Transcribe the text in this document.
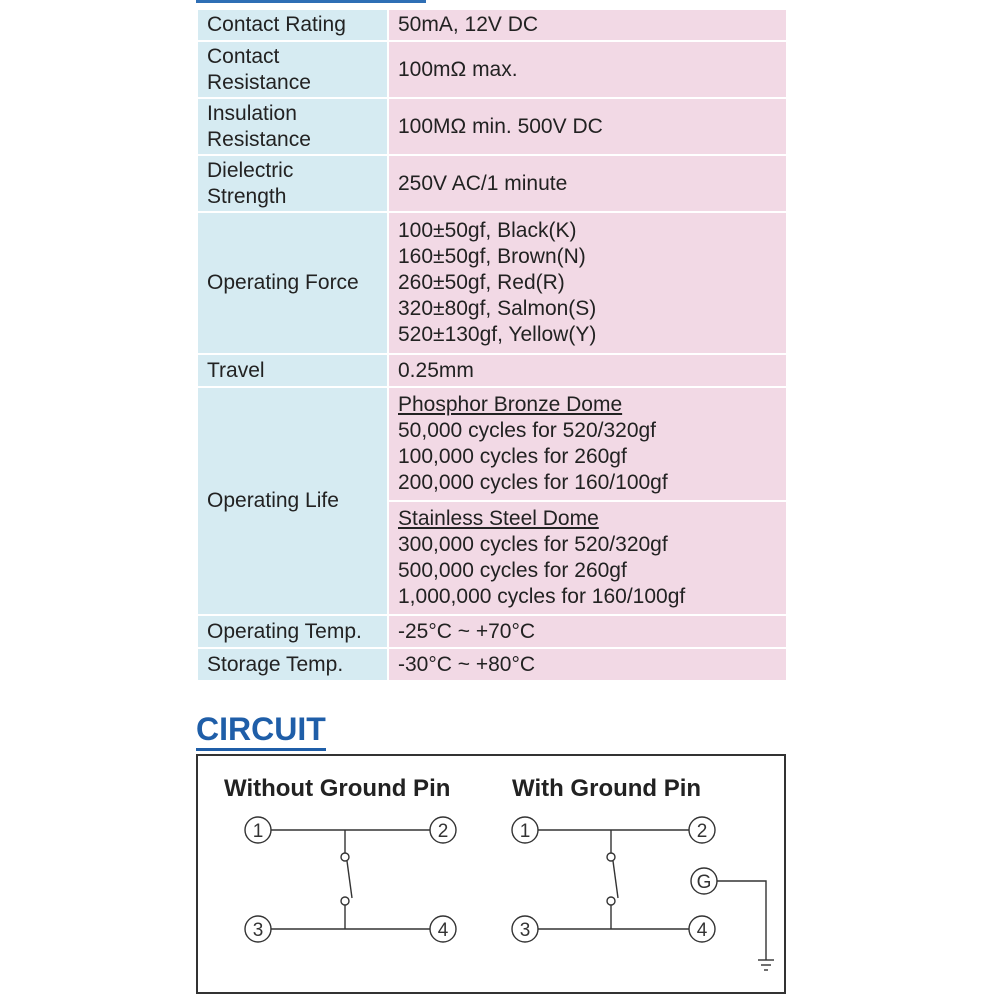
Contact Rating	50mA, 12V DC
Contact Resistance	100mΩ max.
Insulation Resistance	100MΩ min. 500V DC
Dielectric Strength	250V AC/1 minute
Operating Force	100±50gf, Black(K)
160±50gf, Brown(N)
260±50gf, Red(R)
320±80gf, Salmon(S)
520±130gf, Yellow(Y)

Travel	0.25mm
Operating Life	Phosphor Bronze Dome
50,000 cycles for 520/320gf
100,000 cycles for 260gf
200,000 cycles for 160/100gf

	Stainless Steel Dome
300,000 cycles for 520/320gf
500,000 cycles for 260gf
1,000,000 cycles for 160/100gf

Operating Temp.	-25°C ~ +70°C
Storage Temp.	-30°C ~ +80°C
CIRCUIT
Without Ground Pin	With Ground Pin
1	2
3	4
1	2
3	4
G
